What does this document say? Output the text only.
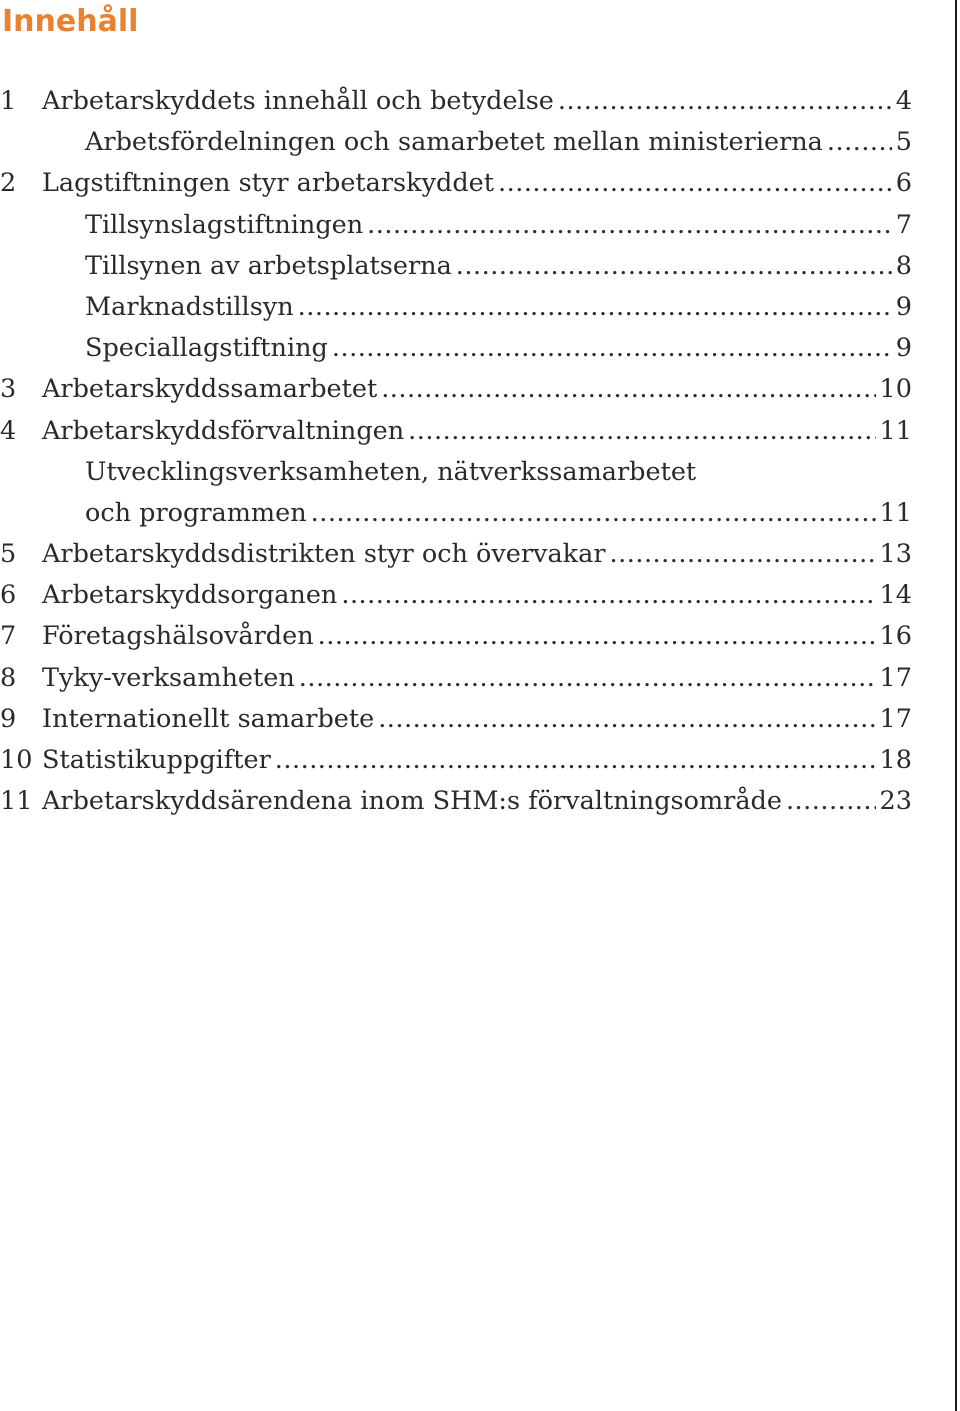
Innehåll
1	Arbetarskyddets innehåll och betydelse .....	4
Arbetsfördelningen och samarbetet mellan ministerierna .....	5
2	Lagstiftningen styr arbetarskyddet .....	6
Tillsynslagstiftningen .....	7
Tillsynen av arbetsplatserna .....	8
Marknadstillsyn .....	9
Speciallagstiftning .....	9
3	Arbetarskyddssamarbetet .....	10
4	Arbetarskyddsförvaltningen .....	11
Utvecklingsverksamheten, nätverkssamarbetet
och programmen .....	11
5	Arbetarskyddsdistrikten styr och övervakar .....	13
6	Arbetarskyddsorganen .....	14
7	Företagshälsovården .....	16
8	Tyky-verksamheten .....	17
9	Internationellt samarbete .....	17
10 Statistikuppgifter .....	18
11 Arbetarskyddsärendena inom SHM:s förvaltningsområde .....	23
